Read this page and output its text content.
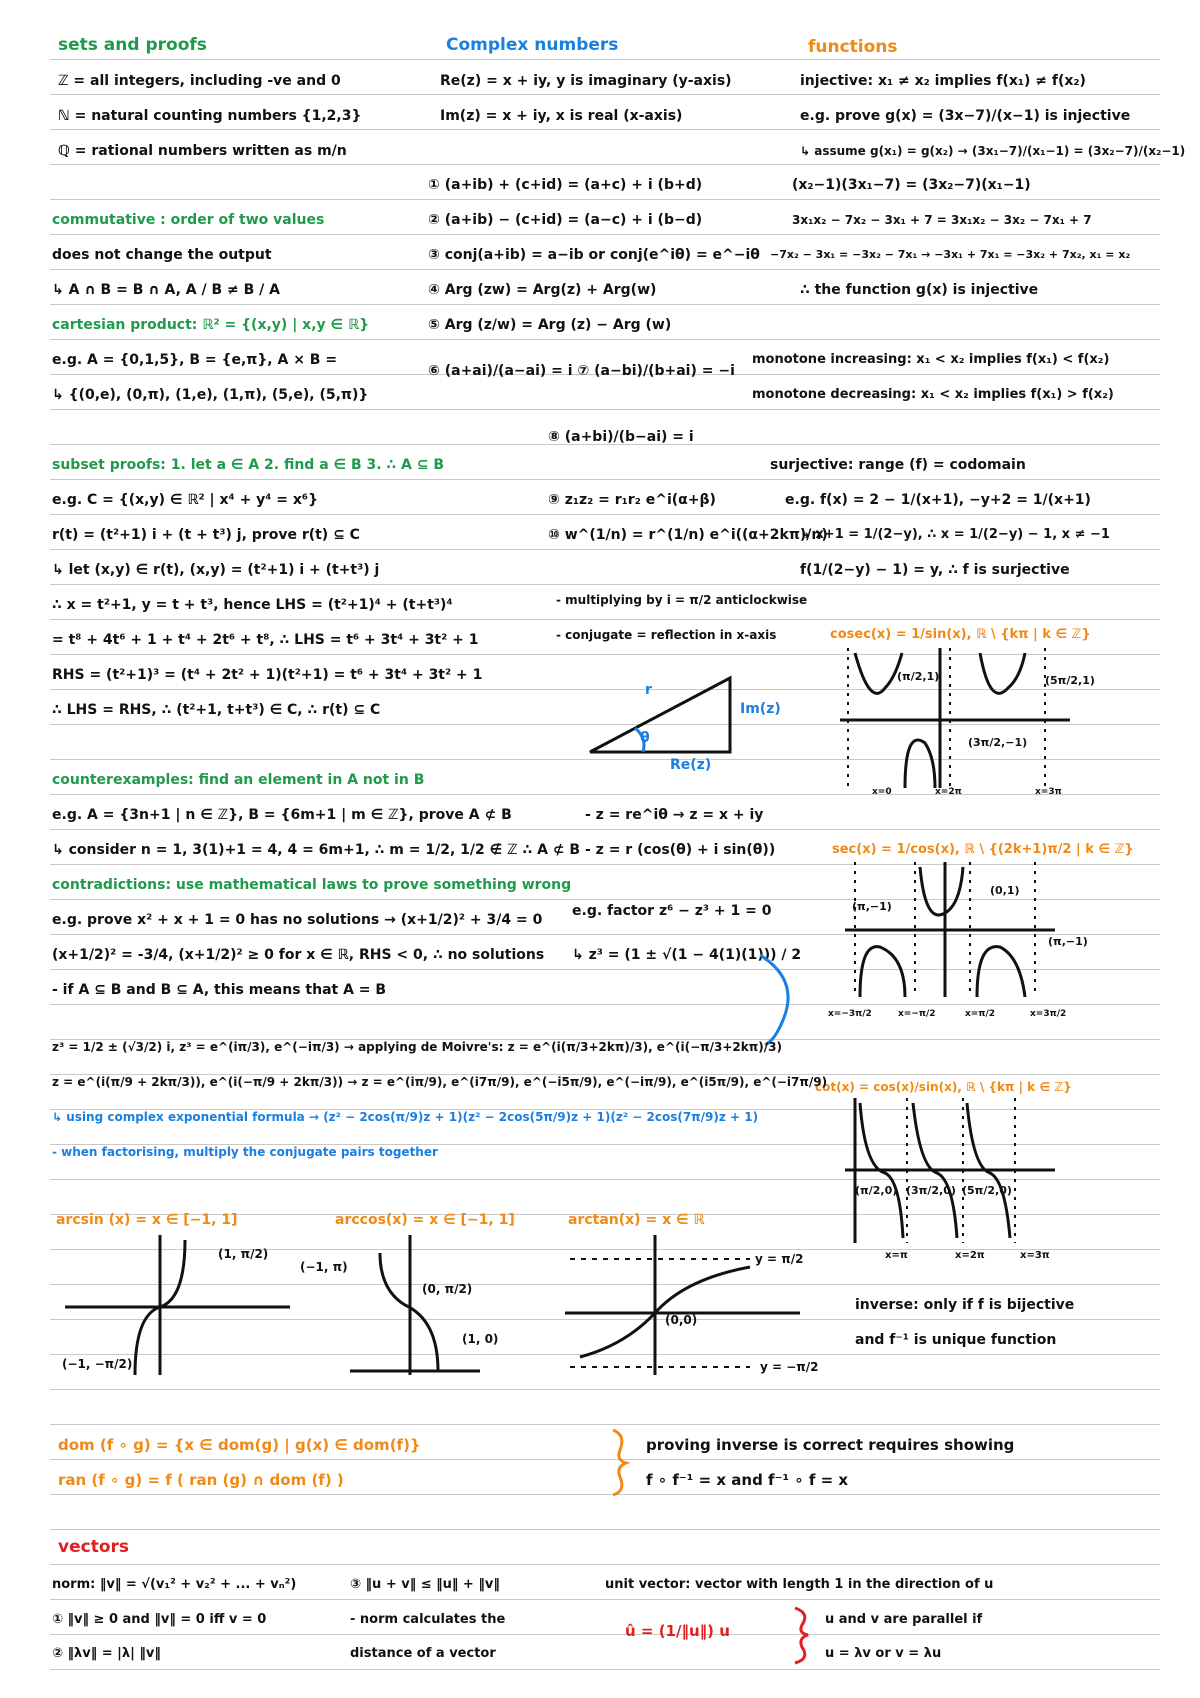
sets and proofs
ℤ = all integers, including -ve and 0
ℕ = natural counting numbers {1,2,3}
ℚ = rational numbers written as m/n
commutative : order of two values
does not change the output
↳ A ∩ B = B ∩ A, A / B ≠ B / A
cartesian product: ℝ² = {(x,y) | x,y ∈ ℝ}
e.g. A = {0,1,5}, B = {e,π}, A × B =
↳ {(0,e), (0,π), (1,e), (1,π), (5,e), (5,π)}
subset proofs: 1. let a ∈ A 2. find a ∈ B 3. ∴ A ⊆ B
e.g. C = {(x,y) ∈ ℝ² | x⁴ + y⁴ = x⁶}
r(t) = (t²+1) i + (t + t³) j, prove r(t) ⊆ C
↳ let (x,y) ∈ r(t), (x,y) = (t²+1) i + (t+t³) j
∴ x = t²+1, y = t + t³, hence LHS = (t²+1)⁴ + (t+t³)⁴
= t⁸ + 4t⁶ + 1 + t⁴ + 2t⁶ + t⁸, ∴ LHS = t⁶ + 3t⁴ + 3t² + 1
RHS = (t²+1)³ = (t⁴ + 2t² + 1)(t²+1) = t⁶ + 3t⁴ + 3t² + 1
∴ LHS = RHS, ∴ (t²+1, t+t³) ∈ C, ∴ r(t) ⊆ C
counterexamples: find an element in A not in B
e.g. A = {3n+1 | n ∈ ℤ}, B = {6m+1 | m ∈ ℤ}, prove A ⊄ B
↳ consider n = 1, 3(1)+1 = 4, 4 = 6m+1, ∴ m = 1/2, 1/2 ∉ ℤ ∴ A ⊄ B
contradictions: use mathematical laws to prove something wrong
e.g. prove x² + x + 1 = 0 has no solutions → (x+1/2)² + 3/4 = 0
(x+1/2)² = -3/4, (x+1/2)² ≥ 0 for x ∈ ℝ, RHS < 0, ∴ no solutions
- if A ⊆ B and B ⊆ A, this means that A = B
Complex numbers
Re(z) = x + iy, y is imaginary (y-axis)
Im(z) = x + iy, x is real (x-axis)
① (a+ib) + (c+id) = (a+c) + i (b+d)
② (a+ib) − (c+id) = (a−c) + i (b−d)
③ conj(a+ib) = a−ib or conj(e^iθ) = e^−iθ
④ Arg (zw) = Arg(z) + Arg(w)
⑤ Arg (z/w) = Arg (z) − Arg (w)
⑥ (a+ai)/(a−ai) = i ⑦ (a−bi)/(b+ai) = −i
⑧ (a+bi)/(b−ai) = i
⑨ z₁z₂ = r₁r₂ e^i(α+β)
⑩ w^(1/n) = r^(1/n) e^i((α+2kπ)/n)
- multiplying by i = π/2 anticlockwise
- conjugate = reflection in x-axis
r
Im(z)
Re(z)
θ
- z = re^iθ → z = x + iy
- z = r (cos(θ) + i sin(θ))
e.g. factor z⁶ − z³ + 1 = 0
↳ z³ = (1 ± √(1 − 4(1)(1))) / 2
functions
injective: x₁ ≠ x₂ implies f(x₁) ≠ f(x₂)
e.g. prove g(x) = (3x−7)/(x−1) is injective
↳ assume g(x₁) = g(x₂) → (3x₁−7)/(x₁−1) = (3x₂−7)/(x₂−1)
(x₂−1)(3x₁−7) = (3x₂−7)(x₁−1)
3x₁x₂ − 7x₂ − 3x₁ + 7 = 3x₁x₂ − 3x₂ − 7x₁ + 7
−7x₂ − 3x₁ = −3x₂ − 7x₁ → −3x₁ + 7x₁ = −3x₂ + 7x₂, x₁ = x₂
∴ the function g(x) is injective
monotone increasing: x₁ < x₂ implies f(x₁) < f(x₂)
monotone decreasing: x₁ < x₂ implies f(x₁) > f(x₂)
surjective: range (f) = codomain
e.g. f(x) = 2 − 1/(x+1), −y+2 = 1/(x+1)
↳ x+1 = 1/(2−y), ∴ x = 1/(2−y) − 1, x ≠ −1
f(1/(2−y) − 1) = y, ∴ f is surjective
cosec(x) = 1/sin(x), ℝ \ {kπ | k ∈ ℤ}
(π/2,1)	(5π/2,1)
(3π/2,−1)
x=0	x=2π	x=3π
sec(x) = 1/cos(x), ℝ \ {(2k+1)π/2 | k ∈ ℤ}
(0,1)
(π,−1)
(π,−1)
x=−3π/2	x=−π/2	x=π/2	x=3π/2
cot(x) = cos(x)/sin(x), ℝ \ {kπ | k ∈ ℤ}
(π/2,0) (3π/2,0) (5π/2,0)
x=π	x=2π	x=3π
inverse: only if f is bijective
and f⁻¹ is unique function
z³ = 1/2 ± (√3/2) i, z³ = e^(iπ/3), e^(−iπ/3) → applying de Moivre's: z = e^(i(π/3+2kπ)/3), e^(i(−π/3+2kπ)/3)
z = e^(i(π/9 + 2kπ/3)), e^(i(−π/9 + 2kπ/3)) → z = e^(iπ/9), e^(i7π/9), e^(−i5π/9), e^(−iπ/9), e^(i5π/9), e^(−i7π/9)
↳ using complex exponential formula → (z² − 2cos(π/9)z + 1)(z² − 2cos(5π/9)z + 1)(z² − 2cos(7π/9)z + 1)
- when factorising, multiply the conjugate pairs together
arcsin (x) = x ∈ [−1, 1]	arccos(x) = x ∈ [−1, 1]	arctan(x) = x ∈ ℝ
(1, π/2)
(−1, −π/2)
(−1, π)
(0, π/2)
(1, 0)
(0,0)
y = π/2
y = −π/2
dom (f ∘ g) = {x ∈ dom(g) | g(x) ∈ dom(f)}
ran (f ∘ g) = f ( ran (g) ∩ dom (f) )
proving inverse is correct requires showing
f ∘ f⁻¹ = x and f⁻¹ ∘ f = x
vectors
norm: ‖v‖ = √(v₁² + v₂² + ... + vₙ²)
① ‖v‖ ≥ 0 and ‖v‖ = 0 iff v = 0
② ‖λv‖ = |λ| ‖v‖
③ ‖u + v‖ ≤ ‖u‖ + ‖v‖
- norm calculates the
distance of a vector
unit vector: vector with length 1 in the direction of u
û = (1/‖u‖) u
u and v are parallel if
u = λv or v = λu
